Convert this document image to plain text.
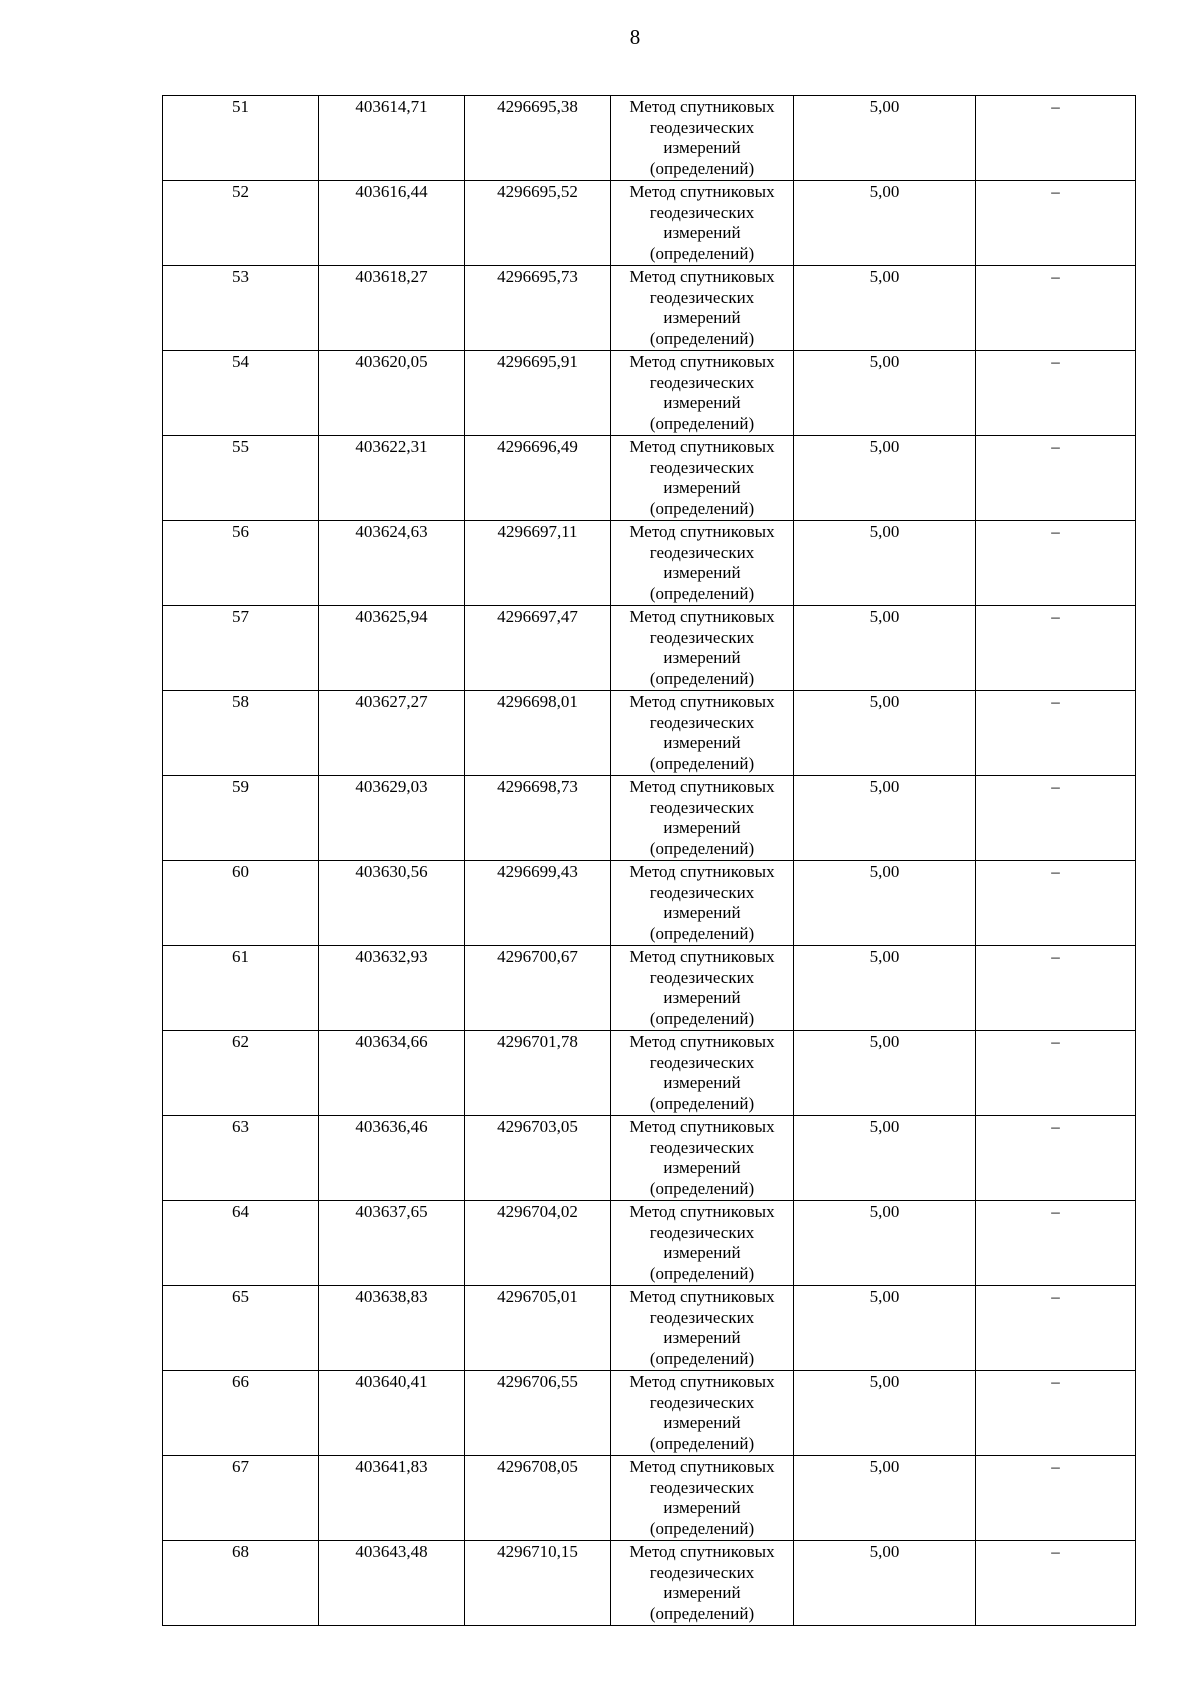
8
51	403614,71	4296695,38	Метод спутниковых
геодезических
измерений
(определений)	5,00	–
52	403616,44	4296695,52	Метод спутниковых
геодезических
измерений
(определений)	5,00	–
53	403618,27	4296695,73	Метод спутниковых
геодезических
измерений
(определений)	5,00	–
54	403620,05	4296695,91	Метод спутниковых
геодезических
измерений
(определений)	5,00	–
55	403622,31	4296696,49	Метод спутниковых
геодезических
измерений
(определений)	5,00	–
56	403624,63	4296697,11	Метод спутниковых
геодезических
измерений
(определений)	5,00	–
57	403625,94	4296697,47	Метод спутниковых
геодезических
измерений
(определений)	5,00	–
58	403627,27	4296698,01	Метод спутниковых
геодезических
измерений
(определений)	5,00	–
59	403629,03	4296698,73	Метод спутниковых
геодезических
измерений
(определений)	5,00	–
60	403630,56	4296699,43	Метод спутниковых
геодезических
измерений
(определений)	5,00	–
61	403632,93	4296700,67	Метод спутниковых
геодезических
измерений
(определений)	5,00	–
62	403634,66	4296701,78	Метод спутниковых
геодезических
измерений
(определений)	5,00	–
63	403636,46	4296703,05	Метод спутниковых
геодезических
измерений
(определений)	5,00	–
64	403637,65	4296704,02	Метод спутниковых
геодезических
измерений
(определений)	5,00	–
65	403638,83	4296705,01	Метод спутниковых
геодезических
измерений
(определений)	5,00	–
66	403640,41	4296706,55	Метод спутниковых
геодезических
измерений
(определений)	5,00	–
67	403641,83	4296708,05	Метод спутниковых
геодезических
измерений
(определений)	5,00	–
68	403643,48	4296710,15	Метод спутниковых
геодезических
измерений
(определений)	5,00	–
